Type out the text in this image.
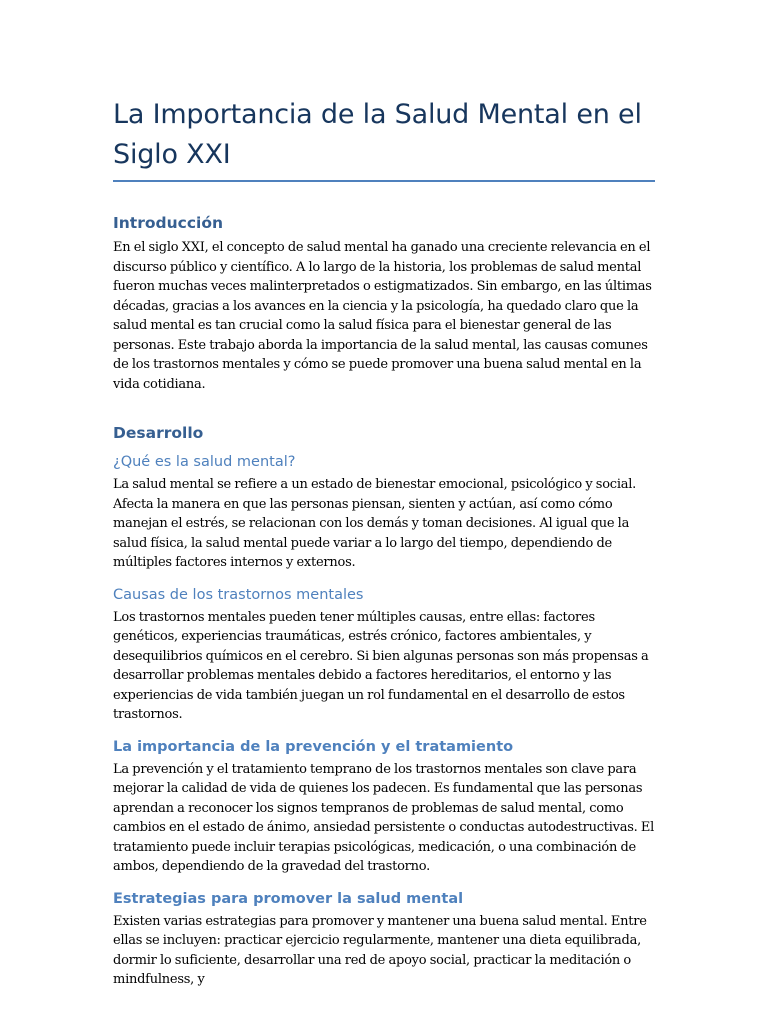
La Importancia de la Salud Mental en el Siglo XXI
Introducción

En el siglo XXI, el concepto de salud mental ha ganado una creciente relevancia en el discurso público y científico. A lo largo de la historia, los problemas de salud mental fueron muchas veces malinterpretados o estigmatizados. Sin embargo, en las últimas décadas, gracias a los avances en la ciencia y la psicología, ha quedado claro que la salud mental es tan crucial como la salud física para el bienestar general de las personas. Este trabajo aborda la importancia de la salud mental, las causas comunes de los trastornos mentales y cómo se puede promover una buena salud mental en la vida cotidiana.

Desarrollo
¿Qué es la salud mental?

La salud mental se refiere a un estado de bienestar emocional, psicológico y social. Afecta la manera en que las personas piensan, sienten y actúan, así como cómo manejan el estrés, se relacionan con los demás y toman decisiones. Al igual que la salud física, la salud mental puede variar a lo largo del tiempo, dependiendo de múltiples factores internos y externos.

Causas de los trastornos mentales

Los trastornos mentales pueden tener múltiples causas, entre ellas: factores genéticos, experiencias traumáticas, estrés crónico, factores ambientales, y desequilibrios químicos en el cerebro. Si bien algunas personas son más propensas a desarrollar problemas mentales debido a factores hereditarios, el entorno y las experiencias de vida también juegan un rol fundamental en el desarrollo de estos trastornos.

La importancia de la prevención y el tratamiento

La prevención y el tratamiento temprano de los trastornos mentales son clave para mejorar la calidad de vida de quienes los padecen. Es fundamental que las personas aprendan a reconocer los signos tempranos de problemas de salud mental, como cambios en el estado de ánimo, ansiedad persistente o conductas autodestructivas. El tratamiento puede incluir terapias psicológicas, medicación, o una combinación de ambos, dependiendo de la gravedad del trastorno.

Estrategias para promover la salud mental

Existen varias estrategias para promover y mantener una buena salud mental. Entre ellas se incluyen: practicar ejercicio regularmente, mantener una dieta equilibrada, dormir lo suficiente, desarrollar una red de apoyo social, practicar la meditación o mindfulness, y
